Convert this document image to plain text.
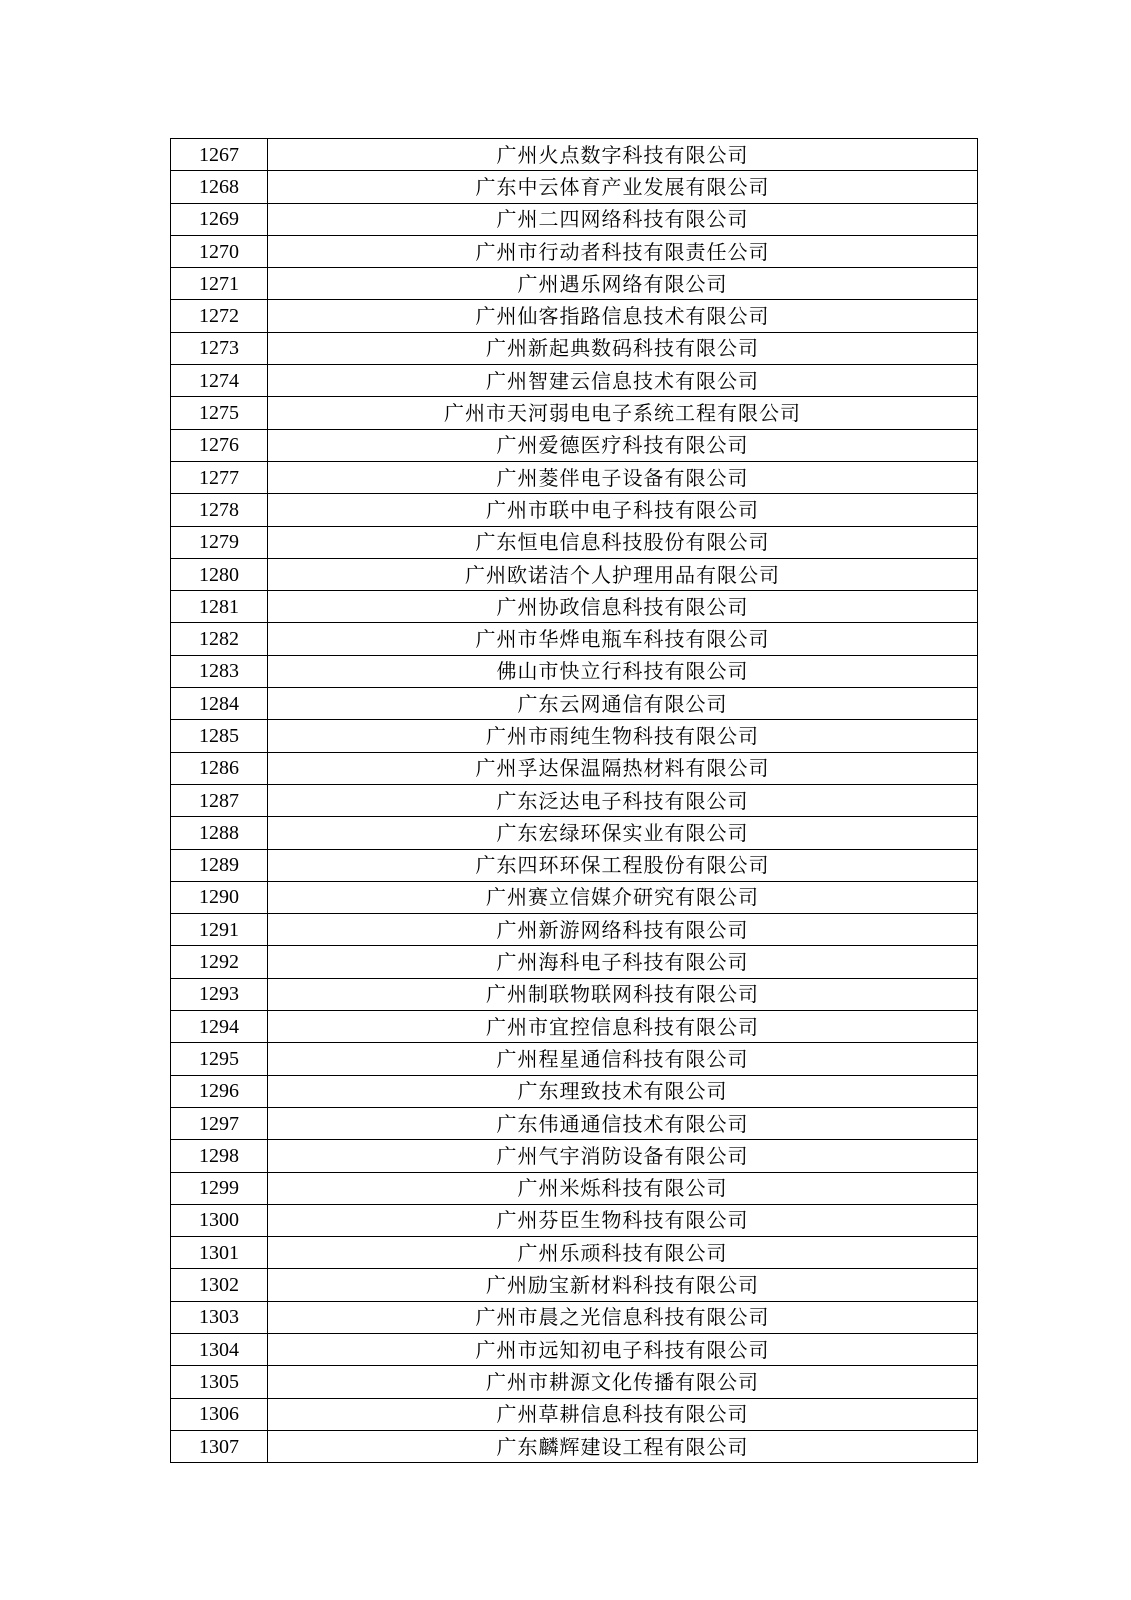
1267	广州火点数字科技有限公司
1268	广东中云体育产业发展有限公司
1269	广州二四网络科技有限公司
1270	广州市行动者科技有限责任公司
1271	广州遇乐网络有限公司
1272	广州仙客指路信息技术有限公司
1273	广州新起典数码科技有限公司
1274	广州智建云信息技术有限公司
1275	广州市天河弱电电子系统工程有限公司
1276	广州爱德医疗科技有限公司
1277	广州菱伴电子设备有限公司
1278	广州市联中电子科技有限公司
1279	广东恒电信息科技股份有限公司
1280	广州欧诺洁个人护理用品有限公司
1281	广州协政信息科技有限公司
1282	广州市华烨电瓶车科技有限公司
1283	佛山市快立行科技有限公司
1284	广东云网通信有限公司
1285	广州市雨纯生物科技有限公司
1286	广州孚达保温隔热材料有限公司
1287	广东泛达电子科技有限公司
1288	广东宏绿环保实业有限公司
1289	广东四环环保工程股份有限公司
1290	广州赛立信媒介研究有限公司
1291	广州新游网络科技有限公司
1292	广州海科电子科技有限公司
1293	广州制联物联网科技有限公司
1294	广州市宜控信息科技有限公司
1295	广州程星通信科技有限公司
1296	广东理致技术有限公司
1297	广东伟通通信技术有限公司
1298	广州气宇消防设备有限公司
1299	广州米烁科技有限公司
1300	广州芬臣生物科技有限公司
1301	广州乐顽科技有限公司
1302	广州励宝新材料科技有限公司
1303	广州市晨之光信息科技有限公司
1304	广州市远知初电子科技有限公司
1305	广州市耕源文化传播有限公司
1306	广州草耕信息科技有限公司
1307	广东麟辉建设工程有限公司
